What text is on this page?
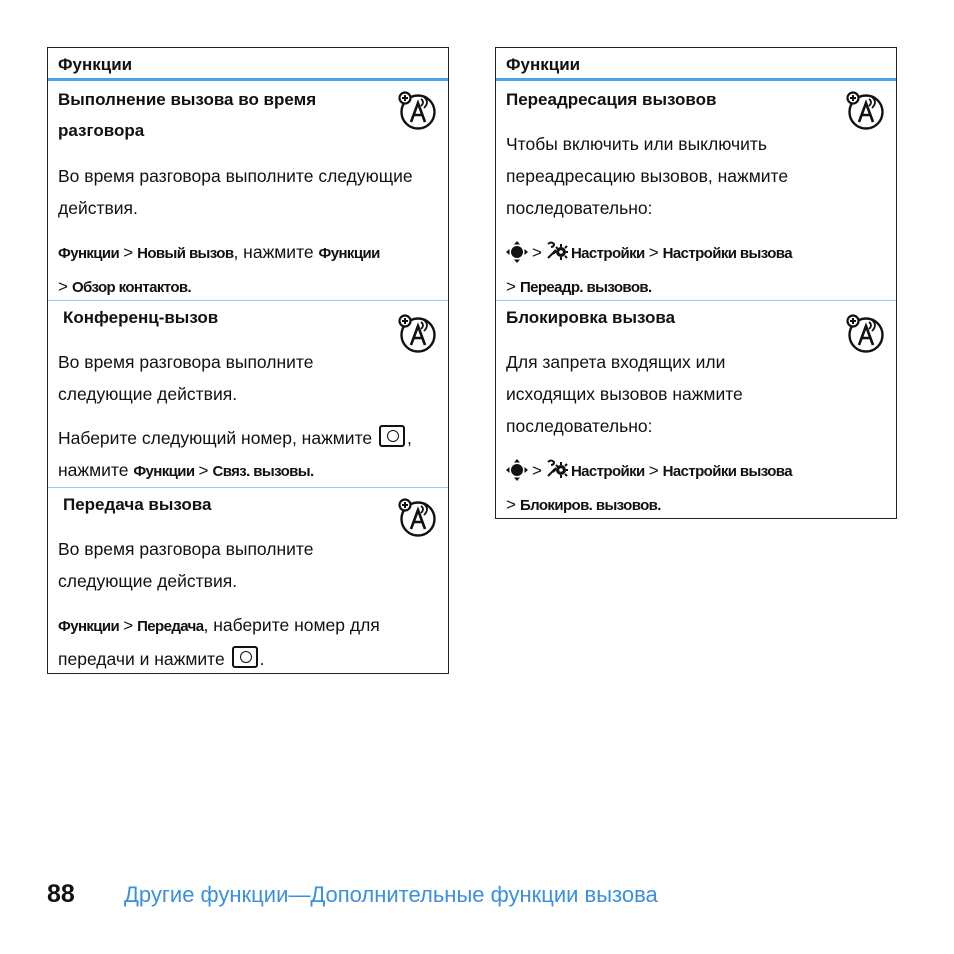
Функции
Выполнение вызова во время разговора
Во время разговора выполните следующие действия.
Функции > Новый вызов, нажмите Функции
> Обзор контактов.
Конференц-вызов
Во время разговора выполните следующие действия.
Наберите следующий номер, нажмите ,
нажмите Функции > Связ. вызовы.
Передача вызова
Во время разговора выполните следующие действия.
Функции > Передача, наберите номер для
передачи и нажмите .
Функции
Переадресация вызовов
Чтобы включить или выключить переадресацию вызовов, нажмите последовательно:
> Настройки > Настройки вызова
> Переадр. вызовов.
Блокировка вызова
Для запрета входящих или исходящих вызовов нажмите последовательно:
> Настройки > Настройки вызова
> Блокиров. вызовов.
88 Другие функции—Дополнительные функции вызова
